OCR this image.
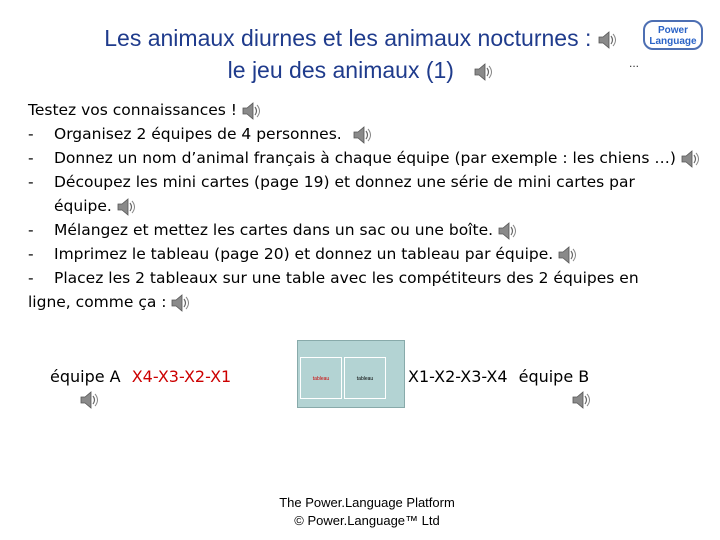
Les animaux diurnes et les animaux nocturnes :
le jeu des animaux (1)
Power
Language
...
Testez vos connaissances !
- Organisez 2 équipes de 4 personnes.
- Donnez un nom d’animal français à chaque équipe (par exemple : les chiens …)
- Découpez les mini cartes (page 19) et donnez une série de mini cartes par
équipe.
- Mélangez et mettez les cartes dans un sac ou une boîte.
- Imprimez le tableau (page 20) et donnez un tableau par équipe.
- Placez les 2 tableaux sur une table avec les compétiteurs des 2 équipes en
ligne, comme ça :
équipe A X4-X3-X2-X1	tableau	tableau	X1-X2-X3-X4 équipe B
The Power.Language Platform
© Power.Language™ Ltd
